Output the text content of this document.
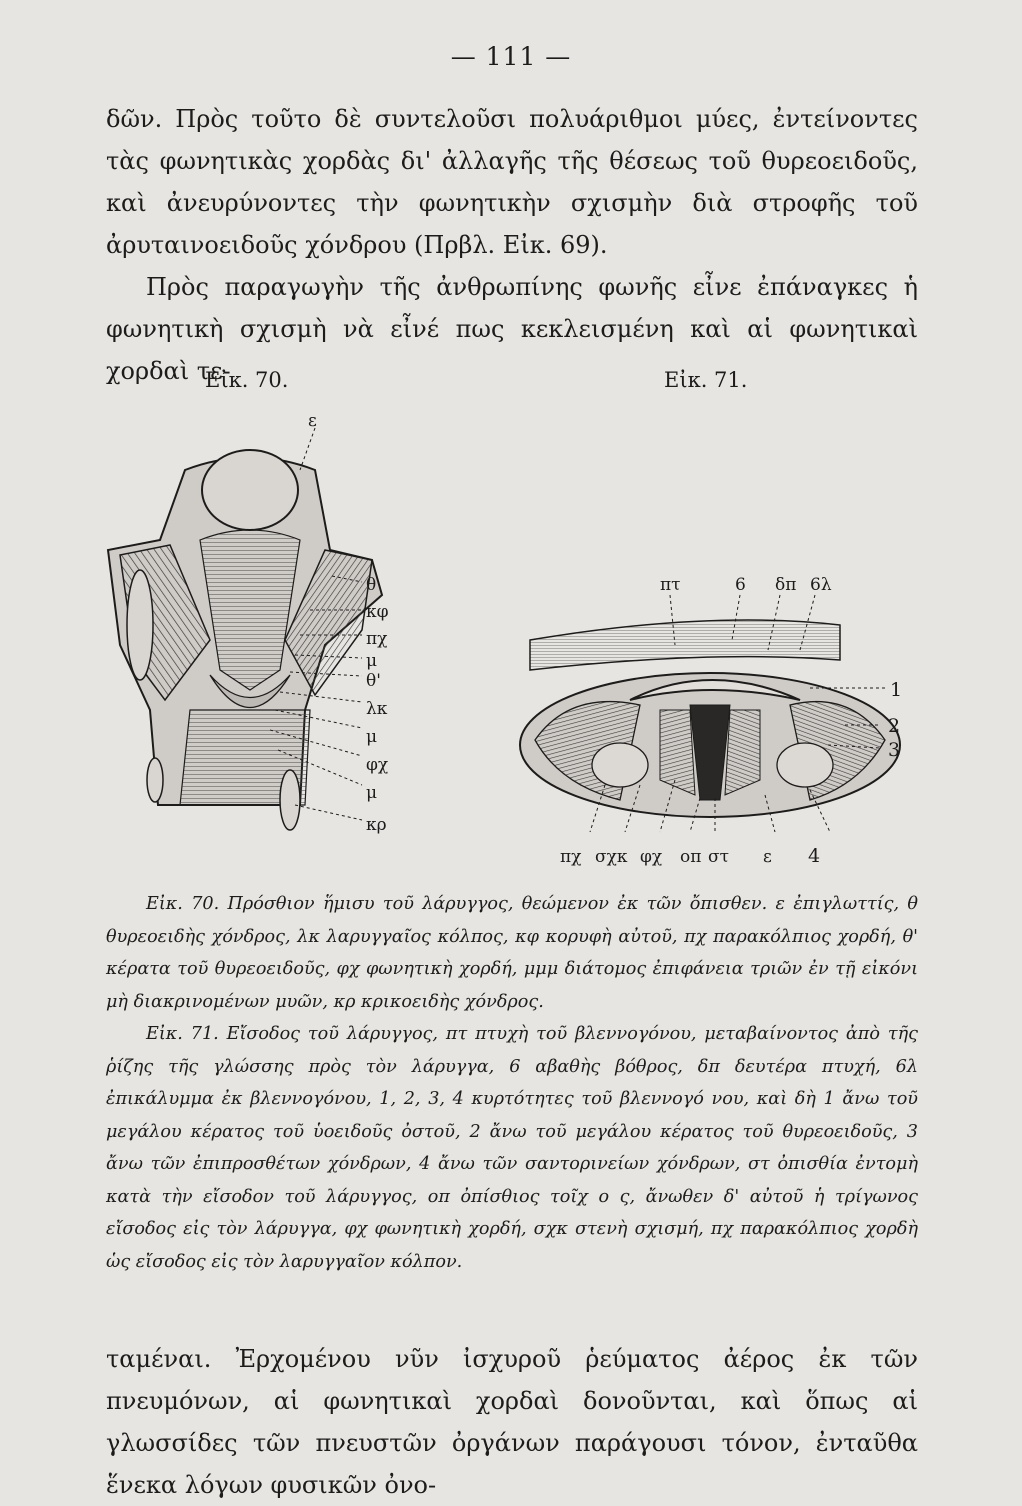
— 111 —

δῶν. Πρὸς τοῦτο δὲ συντελοῦσι πολυάριθμοι μύες, ἐντείνοντες τὰς φωνητικὰς χορδὰς δι' ἀλλαγῆς τῆς θέσεως τοῦ θυρεοειδοῦς, καὶ ἀνευρύνοντες τὴν φωνητικὴν σχισμὴν διὰ στροφῆς τοῦ ἀρυταινοειδοῦς χόνδρου (Πρβλ. Εἰκ. 69).

Πρὸς παραγωγὴν τῆς ἀνθρωπίνης φωνῆς εἶνε ἐπάναγκες ἡ φωνητικὴ σχισμὴ νὰ εἶνέ πως κεκλεισμένη καὶ αἱ φωνητικαὶ χορδαὶ τε-

Εἰκ. 70.	Εἰκ. 71.
ε
θ
κφ
πχ
μ
θ'
λκ
μ
φχ
μ
κρ
πτ	6 δπ 6λ
1
2
3
πχ σχκ φχ οπ στ ε 4

Εἰκ. 70. Πρόσθιον ἥμισυ τοῦ λάρυγγος, θεώμενον ἐκ τῶν ὄπισθεν. ε ἐπιγλωττίς, θ θυρεοειδὴς χόνδρος, λκ λαρυγγαῖος κόλπος, κφ κορυφὴ αὐτοῦ, πχ παρακόλπιος χορδή, θ' κέρατα τοῦ θυρεοειδοῦς, φχ φωνητικὴ χορδή, μμμ διάτομος ἐπιφάνεια τριῶν ἐν τῇ εἰκόνι μὴ διακρινομένων μυῶν, κρ κρικοειδὴς χόνδρος.

Εἰκ. 71. Εἴσοδος τοῦ λάρυγγος, πτ πτυχὴ τοῦ βλεννογόνου, μεταβαίνοντος ἀπὸ τῆς ῥίζης τῆς γλώσσης πρὸς τὸν λάρυγγα, 6 αβαθὴς βόθρος, δπ δευτέρα πτυχή, 6λ ἐπικάλυμμα ἐκ βλεννογόνου, 1, 2, 3, 4 κυρτότητες τοῦ βλεννογό νου, καὶ δὴ 1 ἄνω τοῦ μεγάλου κέρατος τοῦ ὑοειδοῦς ὀστοῦ, 2 ἄνω τοῦ μεγάλου κέρατος τοῦ θυρεοειδοῦς, 3 ἄνω τῶν ἐπιπροσθέτων χόνδρων, 4 ἄνω τῶν σαντορινείων χόνδρων, στ ὀπισθία ἐντομὴ κατὰ τὴν εἴσοδον τοῦ λάρυγγος, οπ ὀπίσθιος τοῖχ ο ς, ἄνωθεν δ' αὐτοῦ ἡ τρίγωνος εἴσοδος εἰς τὸν λάρυγγα, φχ φωνητικὴ χορδή, σχκ στενὴ σχισμή, πχ παρακόλπιος χορδὴ ὡς εἴσοδος εἰς τὸν λαρυγγαῖον κόλπον.

ταμέναι. Ἐρχομένου νῦν ἰσχυροῦ ῥεύματος ἀέρος ἐκ τῶν πνευμόνων, αἱ φωνητικαὶ χορδαὶ δονοῦνται, καὶ ὅπως αἱ γλωσσίδες τῶν πνευστῶν ὀργάνων παράγουσι τόνον, ἐνταῦθα ἕνεκα λόγων φυσικῶν ὀνο-
